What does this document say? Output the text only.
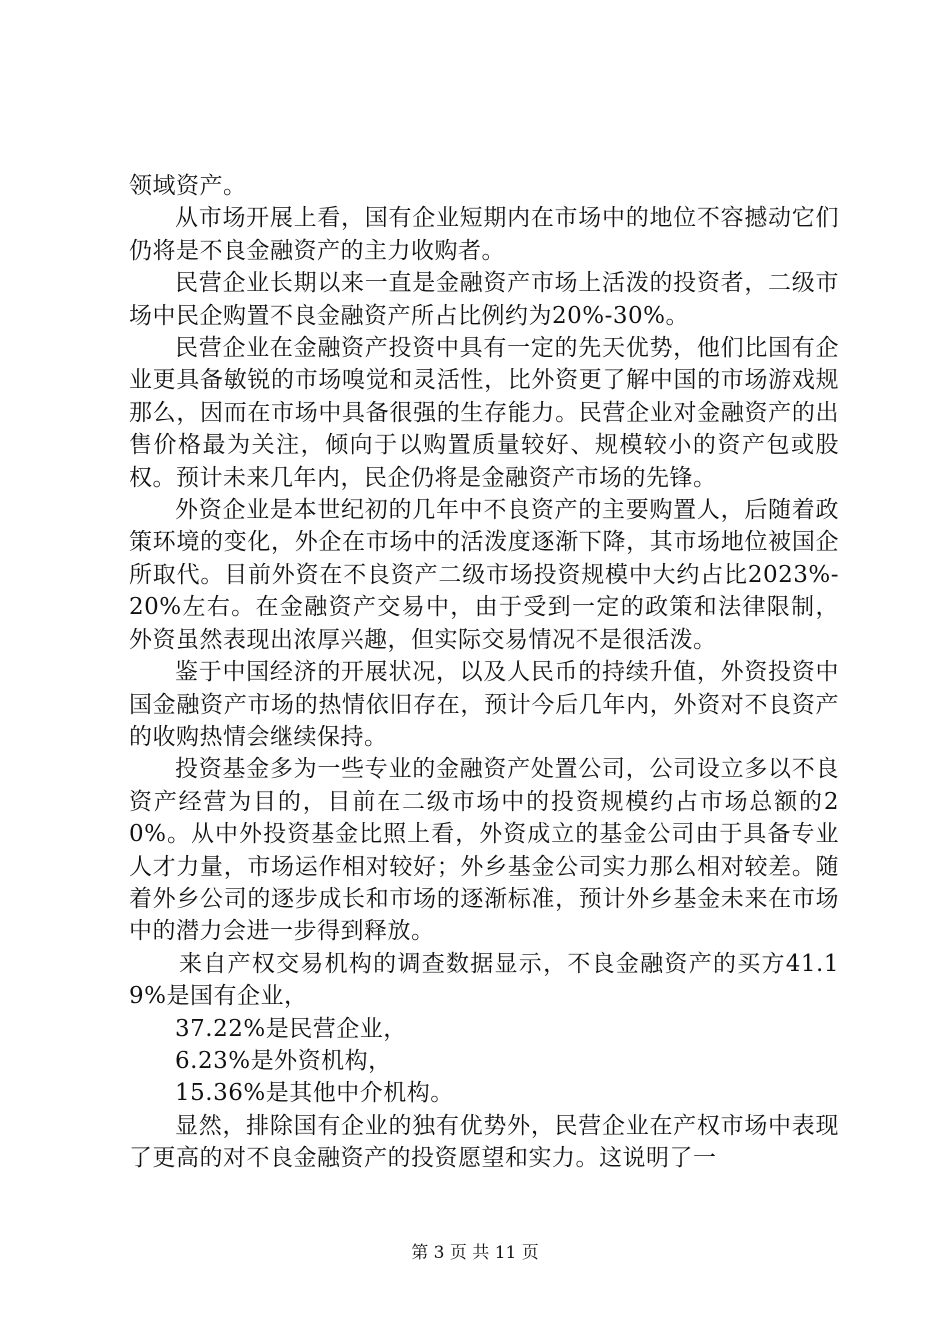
领域资产。

从市场开展上看，国有企业短期内在市场中的地位不容撼动它们仍将是不良金融资产的主力收购者。

民营企业长期以来一直是金融资产市场上活泼的投资者，二级市场中民企购置不良金融资产所占比例约为20%-30%。

民营企业在金融资产投资中具有一定的先天优势，他们比国有企业更具备敏锐的市场嗅觉和灵活性，比外资更了解中国的市场游戏规那么，因而在市场中具备很强的生存能力。民营企业对金融资产的出售价格最为关注，倾向于以购置质量较好、规模较小的资产包或股权。预计未来几年内，民企仍将是金融资产市场的先锋。

外资企业是本世纪初的几年中不良资产的主要购置人，后随着政策环境的变化，外企在市场中的活泼度逐渐下降，其市场地位被国企所取代。目前外资在不良资产二级市场投资规模中大约占比2023%-20%左右。在金融资产交易中，由于受到一定的政策和法律限制，外资虽然表现出浓厚兴趣，但实际交易情况不是很活泼。

鉴于中国经济的开展状况，以及人民币的持续升值，外资投资中国金融资产市场的热情依旧存在，预计今后几年内，外资对不良资产的收购热情会继续保持。

投资基金多为一些专业的金融资产处置公司，公司设立多以不良资产经营为目的，目前在二级市场中的投资规模约占市场总额的20%。从中外投资基金比照上看，外资成立的基金公司由于具备专业人才力量，市场运作相对较好；外乡基金公司实力那么相对较差。随着外乡公司的逐步成长和市场的逐渐标准，预计外乡基金未来在市场中的潜力会进一步得到释放。

来自产权交易机构的调查数据显示，不良金融资产的买方41.19%是国有企业，

37.22%是民营企业，

6.23%是外资机构，

15.36%是其他中介机构。

显然，排除国有企业的独有优势外，民营企业在产权市场中表现了更高的对不良金融资产的投资愿望和实力。这说明了一

第 3 页 共 11 页
